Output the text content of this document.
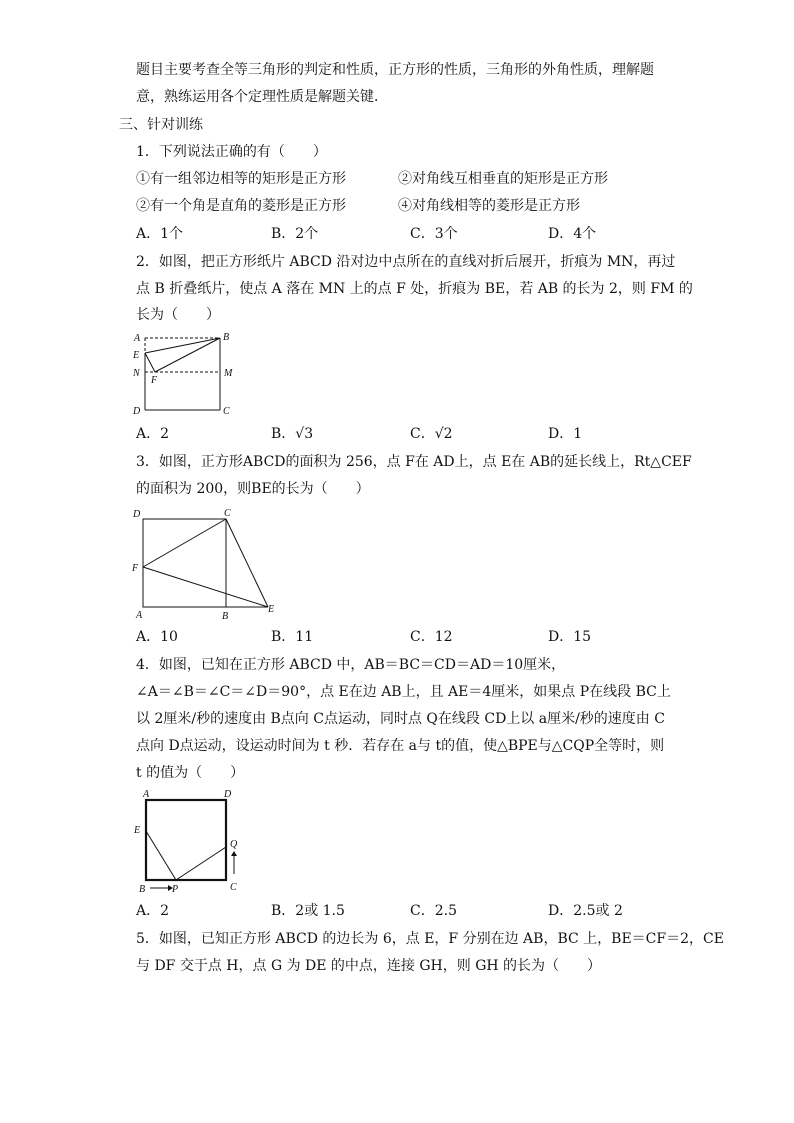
题目主要考查全等三角形的判定和性质，正方形的性质，三角形的外角性质，理解题
意，熟练运用各个定理性质是解题关键．
三、针对训练
1．下列说法正确的有（　　）
①有一组邻边相等的矩形是正方形	②对角线互相垂直的矩形是正方形
②有一个角是直角的菱形是正方形	④对角线相等的菱形是正方形
A．1个	B．2个	C．3个	D．4个
2．如图，把正方形纸片 ABCD 沿对边中点所在的直线对折后展开，折痕为 MN，再过
点 B 折叠纸片，使点 A 落在 MN 上的点 F 处，折痕为 BE，若 AB 的长为 2，则 FM 的
长为（　　）
A	B
E
N
F
M
D	C
A．2	B．√3	C．√2	D．1
3．如图，正方形ABCD的面积为 256，点 F在 AD上，点 E在 AB的延长线上，Rt△CEF
的面积为 200，则BE的长为（　　）
D	C
F
A	B
E
A．10	B．11	C．12	D．15
4．如图，已知在正方形 ABCD 中，AB＝BC＝CD＝AD＝10厘米，
∠A＝∠B＝∠C＝∠D＝90°，点 E在边 AB上，且 AE＝4厘米，如果点 P在线段 BC上
以 2厘米/秒的速度由 B点向 C点运动，同时点 Q在线段 CD上以 a厘米/秒的速度由 C
点向 D点运动，设运动时间为 t 秒．若存在 a与 t的值，使△BPE与△CQP全等时，则
t 的值为（　　）
A	D
E
Q
B	P	C
A．2	B．2或 1.5	C．2.5	D．2.5或 2
5．如图，已知正方形 ABCD 的边长为 6，点 E，F 分别在边 AB，BC 上，BE＝CF＝2，CE
与 DF 交于点 H，点 G 为 DE 的中点，连接 GH，则 GH 的长为（　　）
